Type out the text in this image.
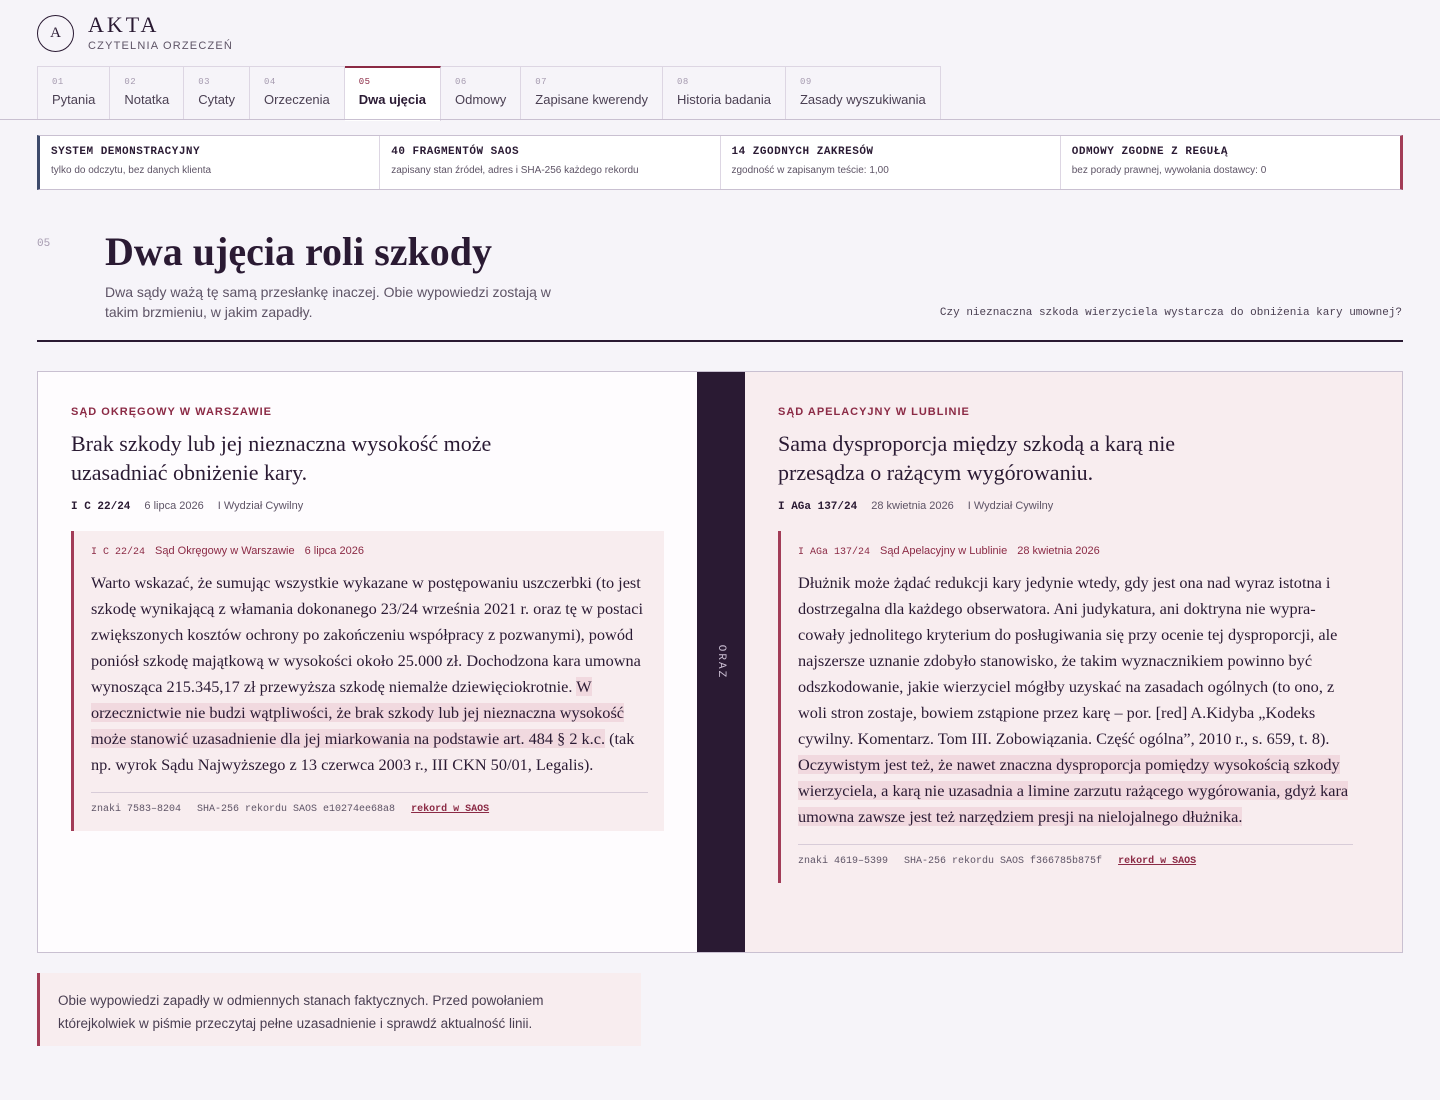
A	AKTA
CZYTELNIA ORZECZEŃ
01
Pytania
02
Notatka
03
Cytaty
04
Orzeczenia
05
Dwa ujęcia
06
Odmowy
07
Zapisane kwerendy
08
Historia badania
09
Zasady wyszukiwania
SYSTEM DEMONSTRACYJNY
tylko do odczytu, bez danych klienta
40 FRAGMENTÓW SAOS
zapisany stan źródeł, adres i SHA-256 każdego rekordu
14 ZGODNYCH ZAKRESÓW
zgodność w zapisanym teście: 1,00
ODMOWY ZGODNE Z REGUŁĄ
bez porady prawnej, wywołania dostawcy: 0
05 Dwa ujęcia roli szkody

Dwa sądy ważą tę samą przesłankę inaczej. Obie wypowiedzi zostają w takim brzmieniu, w jakim zapadły.	Czy nieznaczna szkoda wierzyciela wystarcza do obniżenia kary umownej?
SĄD OKRĘGOWY W WARSZAWIE
Brak szkody lub jej nieznaczna wysokość może uzasadniać obniżenie kary.
I C 22/24 6 lipca 2026 I Wydział Cywilny
I C 22/24 Sąd Okręgowy w Warszawie 6 lipca 2026
Warto wskazać, że sumując wszystkie wykazane w postępowaniu uszczerbki (to jest szkodę wynikającą z włamania dokonanego 23/24 września 2021 r. oraz tę w postaci zwiększonych kosztów ochrony po zakończeniu współpracy z pozwanymi), powód poniósł szkodę majątkową w wysokości około 25.000 zł. Dochodzona kara umowna wynosząca 215.345,17 zł przewyższa szkodę niemalże dziewięciokrotnie. W orzecznictwie nie budzi wątpliwości, że brak szkody lub jej nieznaczna wysokość może stanowić uzasadnienie dla jej miarkowania na podstawie art. 484 § 2 k.c. (tak np. wyrok Sądu Najwyższego z 13 czerwca 2003 r., III CKN 50/01, Legalis).
znaki 7583–8204 SHA-256 rekordu SAOS e10274ee68a8 rekord w SAOS
ORAZ
SĄD APELACYJNY W LUBLINIE
Sama dysproporcja między szkodą a karą nie przesądza o rażącym wygórowaniu.
I AGa 137/24 28 kwietnia 2026 I Wydział Cywilny
I AGa 137/24 Sąd Apelacyjny w Lublinie 28 kwietnia 2026
Dłużnik może żądać redukcji kary jedynie wtedy, gdy jest ona nad wyraz istotna i dostrzegalna dla każdego obserwatora. Ani judykatura, ani doktryna nie wypracowały jednolitego kryterium do posługiwania się przy ocenie tej dysproporcji, ale najszersze uznanie zdobyło stanowisko, że takim wyznacznikiem powinno być odszkodowanie, jakie wierzyciel mógłby uzyskać na zasadach ogólnych (to ono, z woli stron zostaje, bowiem zstąpione przez karę – por. [red] A.Kidyba „Kodeks cywilny. Komentarz. Tom III. Zobowiązania. Część ogólna”, 2010 r., s. 659, t. 8). Oczywistym jest też, że nawet znaczna dysproporcja pomiędzy wysokością szkody wierzyciela, a karą nie uzasadnia a limine zarzutu rażącego wygórowania, gdyż kara umowna zawsze jest też narzędziem presji na nielojalnego dłużnika.
znaki 4619–5399 SHA-256 rekordu SAOS f366785b875f rekord w SAOS
Obie wypowiedzi zapadły w odmiennych stanach faktycznych. Przed powołaniem którejkolwiek w piśmie przeczytaj pełne uzasadnienie i sprawdź aktualność linii.
